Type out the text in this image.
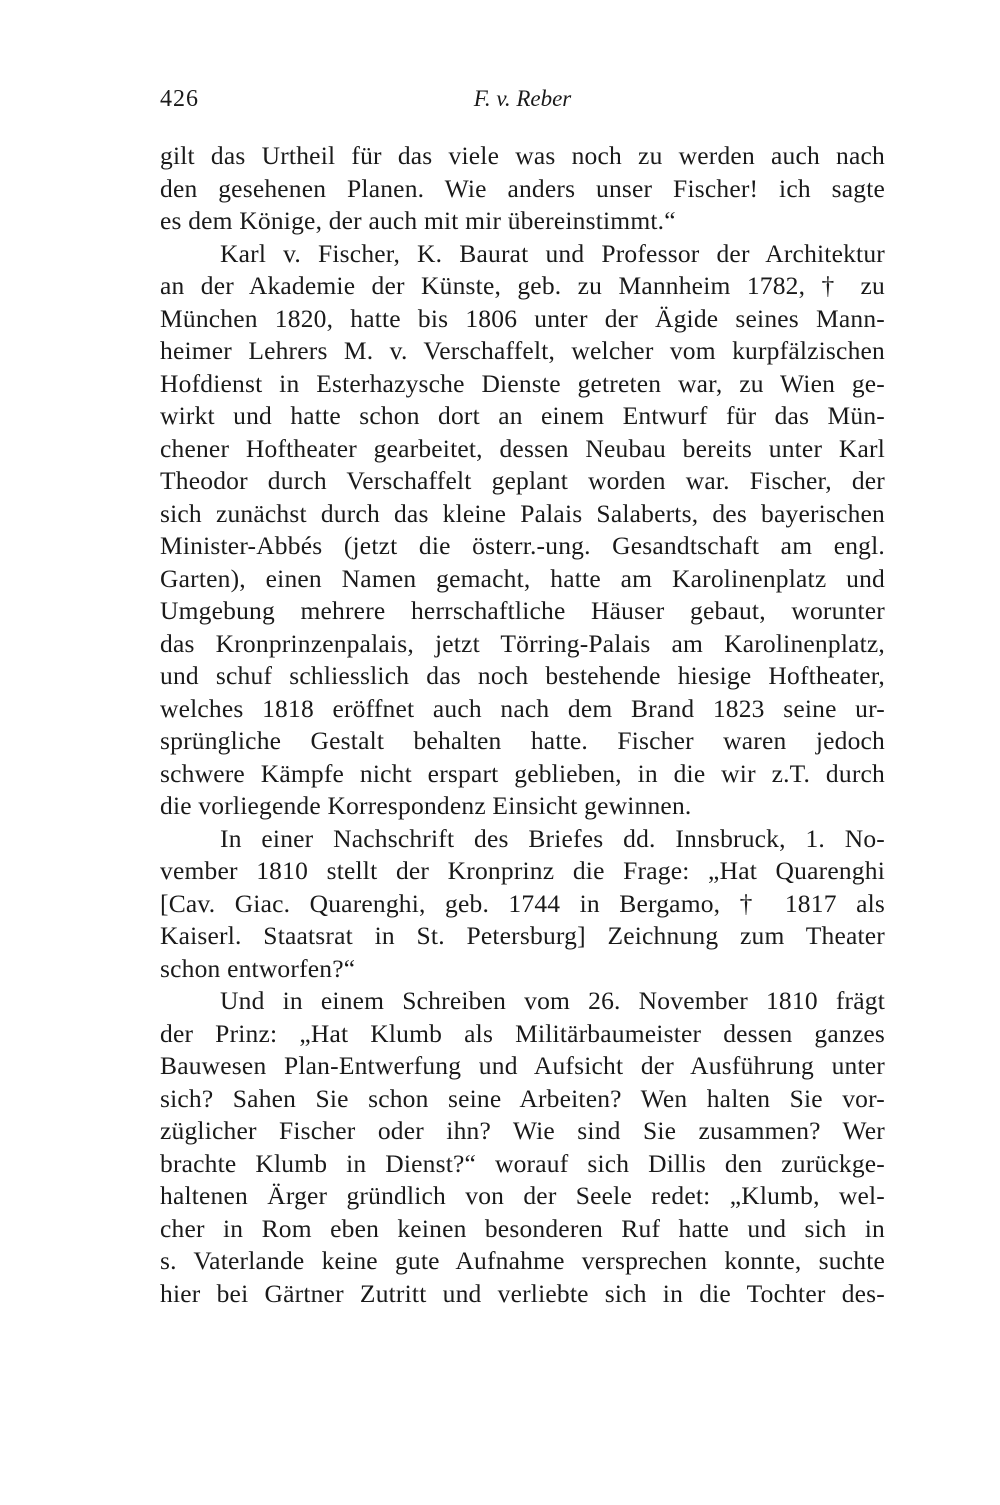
426	F. v. Reber
gilt das Urtheil für das viele was noch zu werden auch nach
den gesehenen Planen. Wie anders unser Fischer! ich sagte
es dem Könige, der auch mit mir übereinstimmt.“
Karl v. Fischer, K. Baurat und Professor der Architektur
an der Akademie der Künste, geb. zu Mannheim 1782, † zu
München 1820, hatte bis 1806 unter der Ägide seines Mann-
heimer Lehrers M. v. Verschaffelt, welcher vom kurpfälzischen
Hofdienst in Esterhazysche Dienste getreten war, zu Wien ge-
wirkt und hatte schon dort an einem Entwurf für das Mün-
chener Hoftheater gearbeitet, dessen Neubau bereits unter Karl
Theodor durch Verschaffelt geplant worden war. Fischer, der
sich zunächst durch das kleine Palais Salaberts, des bayerischen
Minister-Abbés (jetzt die österr.-ung. Gesandtschaft am engl.
Garten), einen Namen gemacht, hatte am Karolinenplatz und
Umgebung mehrere herrschaftliche Häuser gebaut, worunter
das Kronprinzenpalais, jetzt Törring-Palais am Karolinenplatz,
und schuf schliesslich das noch bestehende hiesige Hoftheater,
welches 1818 eröffnet auch nach dem Brand 1823 seine ur-
sprüngliche Gestalt behalten hatte. Fischer waren jedoch
schwere Kämpfe nicht erspart geblieben, in die wir z.T. durch
die vorliegende Korrespondenz Einsicht gewinnen.
In einer Nachschrift des Briefes dd. Innsbruck, 1. No-
vember 1810 stellt der Kronprinz die Frage: „Hat Quarenghi
[Cav. Giac. Quarenghi, geb. 1744 in Bergamo, † 1817 als
Kaiserl. Staatsrat in St. Petersburg] Zeichnung zum Theater
schon entworfen?“
Und in einem Schreiben vom 26. November 1810 frägt
der Prinz: „Hat Klumb als Militärbaumeister dessen ganzes
Bauwesen Plan-Entwerfung und Aufsicht der Ausführung unter
sich? Sahen Sie schon seine Arbeiten? Wen halten Sie vor-
züglicher Fischer oder ihn? Wie sind Sie zusammen? Wer
brachte Klumb in Dienst?“ worauf sich Dillis den zurückge-
haltenen Ärger gründlich von der Seele redet: „Klumb, wel-
cher in Rom eben keinen besonderen Ruf hatte und sich in
s. Vaterlande keine gute Aufnahme versprechen konnte, suchte
hier bei Gärtner Zutritt und verliebte sich in die Tochter des-
